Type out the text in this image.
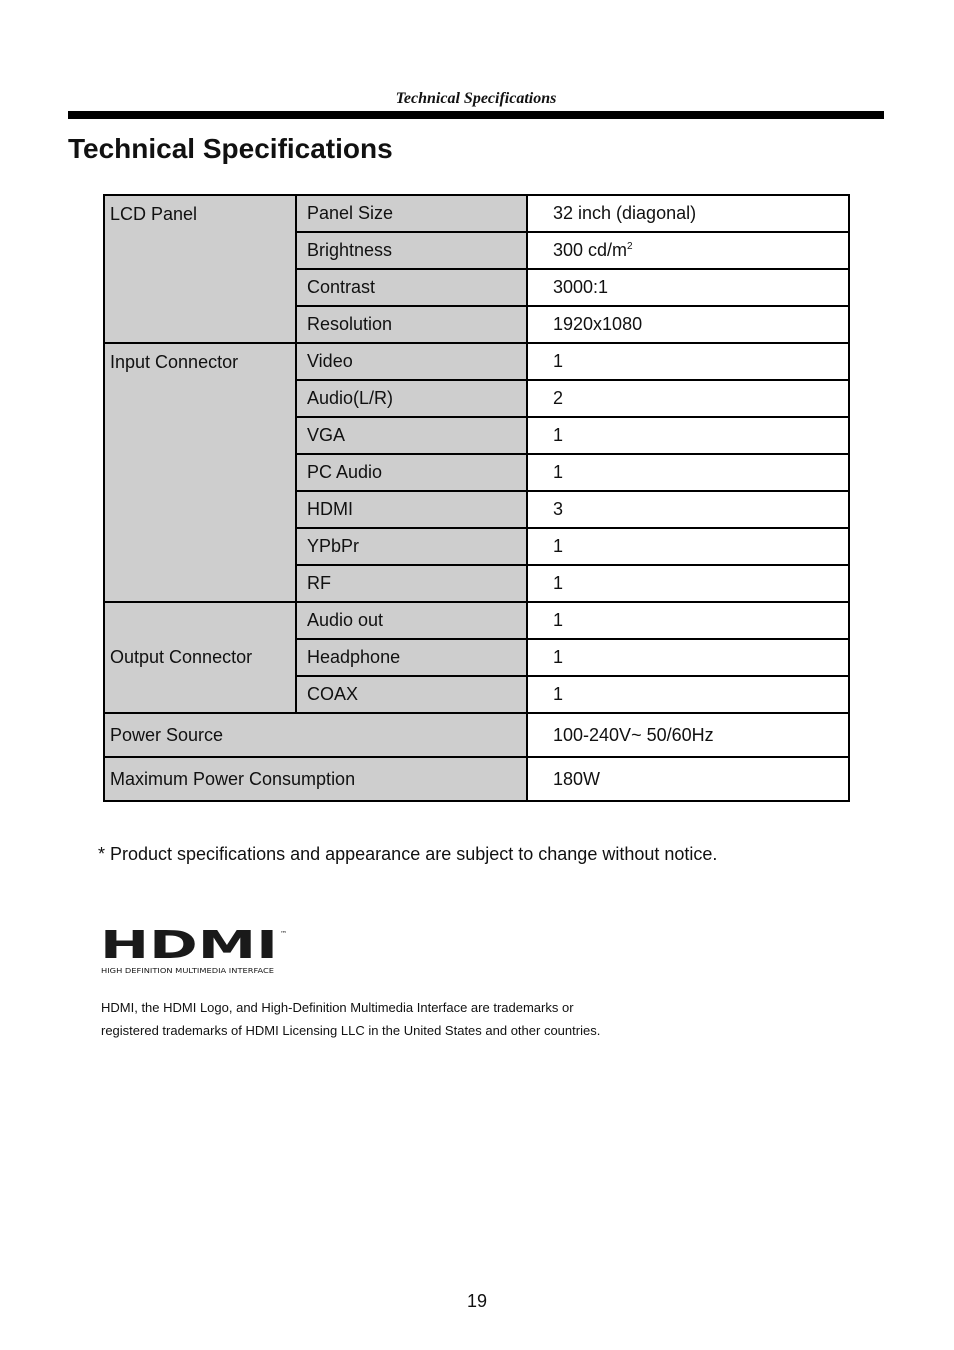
Technical Specifications
Technical Specifications
LCD Panel	Panel Size	32 inch (diagonal)
	Brightness	300 $cd/m^2$
	Contrast	3000:1
	Resolution	1920x1080
Input Connector	Video	1
	Audio(L/R)	2
	VGA	1
	PC Audio	1
	HDMI	3
	YPbPr	1
	RF	1
Output Connector	Audio out	1
	Headphone	1
	COAX	1
Power Source		100-240V~ 50/60Hz
Maximum Power Consumption		180W
* Product specifications and appearance are subject to change without notice.
HDMI ™
HIGH DEFINITION MULTIMEDIA INTERFACE
HDMI, the HDMI Logo, and High-Definition Multimedia Interface are trademarks or
registered trademarks of HDMI Licensing LLC in the United States and other countries.
19
